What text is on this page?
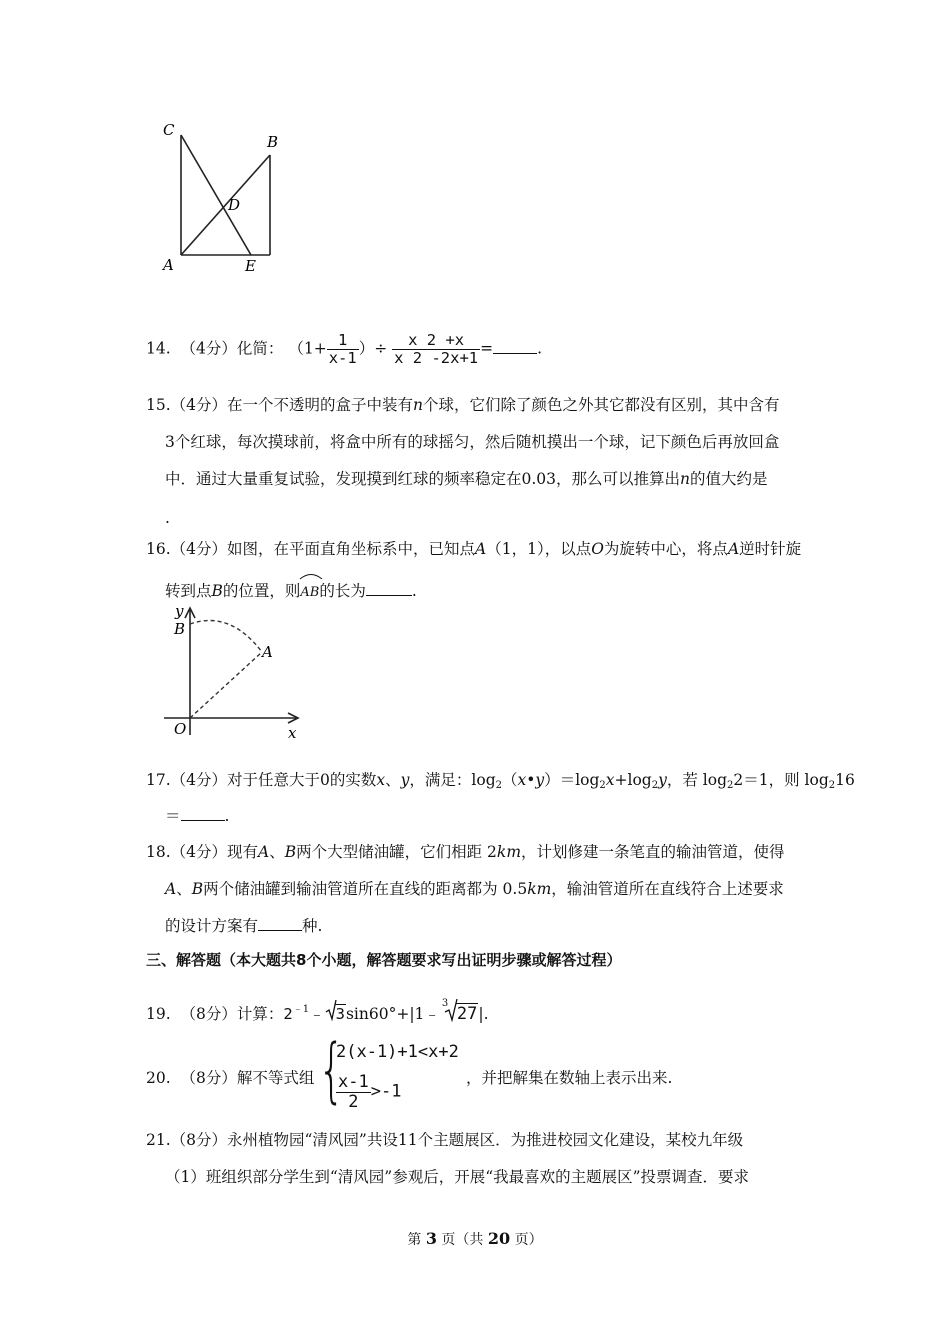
C
B
D
A	E
14. （4分）化简： （$1+ \frac{1}{x-1}$ ）÷ $\frac{x 2 +x}{x 2 -2x+1}$ =	.
15.（4分）在一个不透明的盒子中装有n个球，它们除了颜色之外其它都没有区别，其中含有
3个红球，每次摸球前，将盒中所有的球摇匀，然后随机摸出一个球，记下颜色后再放回盒
中．通过大量重复试验，发现摸到红球的频率稳定在0.03，那么可以推算出n的值大约是
.
16.（4分）如图，在平面直角坐标系中，已知点A（1，1），以点O为旋转中心，将点A逆时针旋
转到点B的位置，则
AB的长为	.
y
B
A
O	x
17.（4分）对于任意大于0的实数x、y，满足：$\log_2(x•y)=\log_2x+\log_2y$，若 $\log_22=1$，则 $\log_216$
＝	.
18.（4分）现有A、B两个大型储油罐，它们相距 2km，计划修建一条笔直的输油管道，使得
A、B两个储油罐到输油管道所在直线的距离都为 0.5km，输油管道所在直线符合上述要求
的设计方案有	种.
三、解答题（本大题共8个小题，解答题要求写出证明步骤或解答过程）
19. （8分）计算：$2^{﹣1}﹣$ 3sin60°+|1﹣
3
27|.
20. （8分）解不等式组 {
2(x-1)+1<x+2
$\frac{x-1}{2} >-1$
，并把解集在数轴上表示出来.
21.（8分）永州植物园“清风园”共设11个主题展区．为推进校园文化建设，某校九年级
（1）班组织部分学生到“清风园”参观后，开展“我最喜欢的主题展区”投票调查．要求
第 3 页（共 20 页）
